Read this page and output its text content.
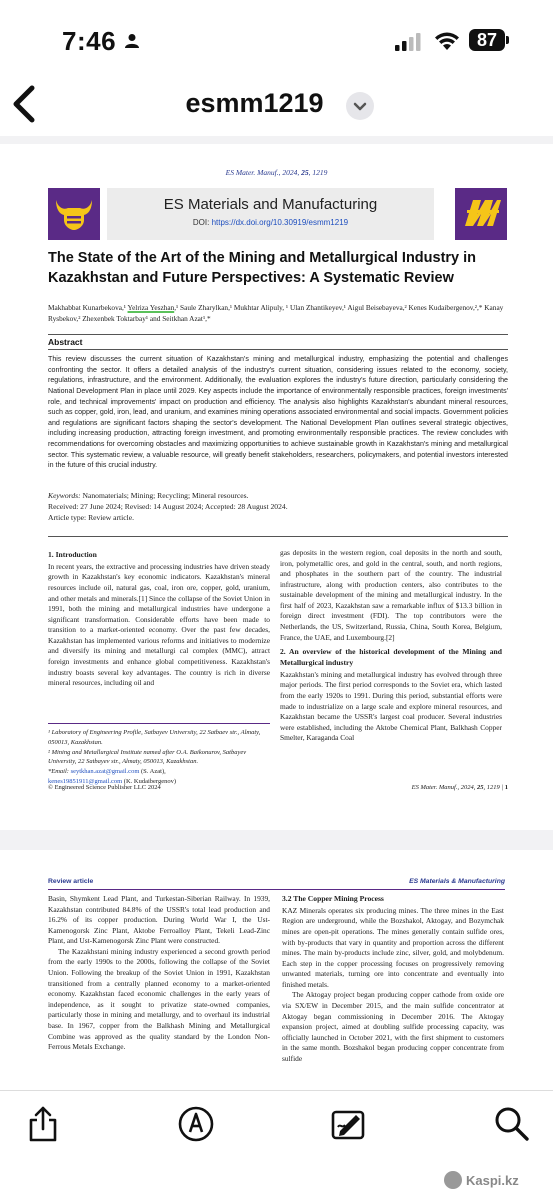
7:46	87
esmm1219
ES Mater. Manuf., 2024, 25, 1219
ES Materials and Manufacturing
DOI: https://dx.doi.org/10.30919/esmm1219
The State of the Art of the Mining and Metallurgical Industry in Kazakhstan and Future Perspectives: A Systematic Review
Makhabbat Kunarbekova,¹ Yelriza Yeszhan,¹ Saule Zharylkan,¹ Mukhtar Alipuly, ¹ Ulan Zhantikeyev,¹ Aigul Beisebayeva,² Kenes Kudaibergenov,²,* Kanay Rysbekov,² Zhexenbek Toktarbay¹ and Seitkhan Azat¹,*
Abstract
This review discusses the current situation of Kazakhstan's mining and metallurgical industry, emphasizing the potential and challenges confronting the sector. It offers a detailed analysis of the industry's current situation, considering issues related to the economy, society, regulations, infrastructure, and the environment. Additionally, the evaluation explores the industry's future direction, particularly considering the National Development Plan in place until 2029. Key aspects include the importance of environmentally responsible practices, foreign investments' role, and technical improvements' impact on production and efficiency. The analysis also highlights Kazakhstan's abundant mineral resources, such as copper, gold, iron, lead, and uranium, and examines mining operations associated environmental and social impacts. Government policies and regulations are significant factors shaping the sector's development. The National Development Plan outlines several strategic objectives, including increasing production, attracting foreign investment, and promoting environmentally responsible practices. The review concludes with recommendations for overcoming obstacles and maximizing opportunities to achieve sustainable growth in Kazakhstan's mining and metallurgical sector. This systematic review, a valuable resource, will greatly benefit stakeholders, researchers, policymakers, and potential investors interested in the future of this crucial industry.
Keywords: Nanomaterials; Mining; Recycling; Mineral resources.
Received: 27 June 2024; Revised: 14 August 2024; Accepted: 28 August 2024.
Article type: Review article.
1. Introduction

In recent years, the extractive and processing industries have driven steady growth in Kazakhstan's key economic indicators. Kazakhstan's mineral resources include oil, natural gas, coal, iron ore, copper, gold, uranium, and other metals and minerals.[1] Since the collapse of the Soviet Union in 1991, both the mining and metallurgical industries have undergone a significant transformation. Considerable efforts have been made to transition to a market-oriented economy. Over the past few decades, Kazakhstan has implemented various reforms and initiatives to modernize and diversify its mining and metallurgi cal complex (MMC), attract foreign investments and enhance global competitiveness. Kazakhstan's industry boasts several key advantages. The country is rich in diverse mineral resources, including oil and

gas deposits in the western region, coal deposits in the north and south, iron, polymetallic ores, and gold in the central, south, and north regions, and phosphates in the southern part of the country. The industrial infrastructure, along with production centers, also contributes to the sustainable development of the mining and metallurgical industry. In the first half of 2023, Kazakhstan saw a remarkable influx of $13.3 billion in foreign direct investment (FDI). The top contributors were the Netherlands, the US, Switzerland, Russia, China, South Korea, Belgium, France, the UAE, and Luxembourg.[2]

2. An overview of the historical development of the Mining and Metallurgical industry

Kazakhstan's mining and metallurgical industry has evolved through three major periods. The first period corresponds to the Soviet era, which lasted from the early 1920s to 1991. During this period, substantial efforts were made to industrialize on a large scale and explore mineral resources, and Kazakhstan became the USSR's largest coal producer. Several industries were established, including the Aktobe Chemical Plant, Balkhash Copper Smelter, Karaganda Coal

¹ Laboratory of Engineering Profile, Satbayev University, 22 Satbaev str., Almaty, 050013, Kazakhstan.
² Mining and Metallurgical Institute named after O.A. Baikonurov, Satbayev University, 22 Satbayev str., Almaty, 050013, Kazakhstan.
*Email: seytkhan.azat@gmail.com (S. Azat),
kenes19851911@gmail.com (K. Kudaibergenov)
© Engineered Science Publisher LLC 2024	ES Mater. Manuf., 2024, 25, 1219 | 1
Review article	ES Materials & Manufacturing

Basin, Shymkent Lead Plant, and Turkestan-Siberian Railway. In 1939, Kazakhstan contributed 84.8% of the USSR's total lead production and 16.2% of its copper production. During World War I, the Ust-Kamenogorsk Zinc Plant, Aktobe Ferroalloy Plant, Tekeli Lead-Zinc Plant, and Ust-Kamenogorsk Zinc Plant were constructed.

The Kazakhstani mining industry experienced a second growth period from the early 1990s to the 2000s, following the collapse of the Soviet Union. Following the breakup of the Soviet Union in 1991, Kazakhstan transitioned from a centrally planned economy to a market-oriented economy. Kazakhstan faced economic challenges in the early years of independence, as it sought to privatize state-owned companies, particularly those in mining and metallurgy, and to overhaul its industrial base. In 1967, copper from the Balkhash Mining and Metallurgical Combine was approved as the quality standard by the London Non-Ferrous Metals Exchange.

3.2 The Copper Mining Process

KAZ Minerals operates six producing mines. The three mines in the East Region are underground, while the Bozshakol, Aktogay, and Bozymchak mines are open-pit operations. The mines generally contain sulfide ores, with by-products that vary in quantity and proportion across the different mines. The main by-products include zinc, silver, gold, and molybdenum. Each step in the copper processing focuses on progressively removing unwanted materials, turning ore into concentrate and eventually into finished metals.

The Aktogay project began producing copper cathode from oxide ore via SX/EW in December 2015, and the main sulfide concentrator at Aktogay began commissioning in December 2016. The Aktogay expansion project, aimed at doubling sulfide processing capacity, was officially launched in October 2021, with the first shipment to customers in the same month. Bozshakol began producing copper concentrate from sulfide

Kaspi.kz
